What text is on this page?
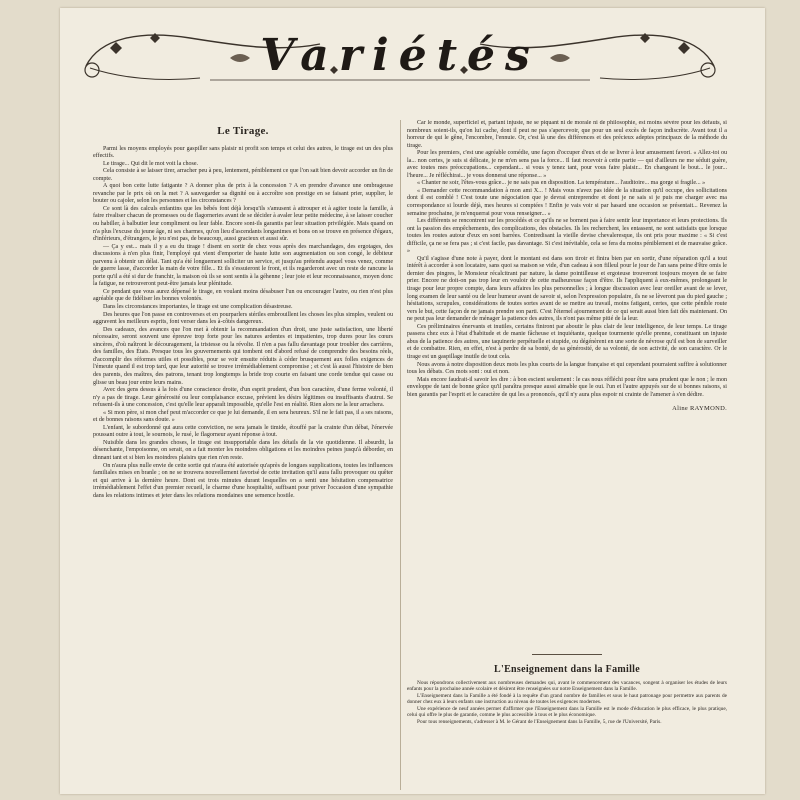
Variétés
Le Tirage.

Parmi les moyens employés pour gaspiller sans plaisir ni profit son temps et celui des autres, le tirage est un des plus effectifs.

Le tirage... Qui dit le mot voit la chose.

Cela consiste à se laisser tirer, arracher peu à peu, lentement, péniblement ce que l'on sait bien devoir accorder un fin de compte.

A quoi bon cette lutte fatigante ? A donner plus de prix à la concession ? A en prendre d'avance une ombrageuse revanche par le prix où on la met ? A sauvegarder sa dignité ou à accroître son prestige en se faisant prier, supplier, le bouter ou cajoler, selon les personnes et les circonstances ?

Ce sont là des calculs enfantins que les bébés font déjà lorsqu'ils s'amusent à attrouper et à agiter toute la famille, à faire rivaliser chacun de promesses ou de flagorneries avant de se décider à avaler leur petite médecine, à se laisser coucher ou habiller, à balbutier leur compliment ou leur fable. Encore sont-ils garantis par leur situation privilégiée. Mais quand on n'a plus l'excuse du jeune âge, ni ses charmes, qu'on lieu d'ascendants longanimes et bons on se trouve en présence d'égaux, d'inférieurs, d'étrangers, le jeu n'est pas, de beaucoup, aussi gracieux et aussi sûr.

— Ça y est... mais il y a eu du tirage ! disent en sortir de chez vous après des marchandages, des ergotages, des discussions à n'en plus finir, l'employé qui vient d'emporter de haute lutte son augmentation ou son congé, le débiteur parvenu à obtenir un délai. Tant qu'a été longuement solliciter un service, et jusqu'au prétendu auquel vous venez, comme de guerre lasse, d'accorder la main de votre fille... Et ils s'essuieront le front, et ils regarderont avec un reste de rancune la porte qu'il a été si dur de franchir, la maison où ils se sont sentis à la géhenne ; leur joie et leur reconnaissance, moyen donc la fatigue, ne retrouveront peut-être jamais leur plénitude.

Ce pendant que vous aurez dépensé le tirage, en voulant moins désabuser l'un ou encourager l'autre, ou rien n'est plus agréable que de fidéliser les bonnes volontés.

Dans les circonstances importantes, le tirage est une complication désastreuse.

Des heures que l'on passe en controverses et en pourparlers stériles embrouillent les choses les plus simples, veulent ou aggravent les meilleurs esprits, font verser dans les à-côtés dangereux.

Des cadeaux, des avances que l'on met à obtenir la recommandation d'un droit, une juste satisfaction, une liberté nécessaire, seront souvent une épreuve trop forte pour les natures ardentes et impatientes, trop dures pour les cœurs sincères, d'où naîtront le découragement, la tristesse ou la révolte. Il n'en a pas fallu davantage pour troubler des carrières, des familles, des États. Presque tous les gouvernements qui tombent ont d'abord refusé de comprendre des besoins réels, d'accomplir des réformes utiles et possibles, pour se voir ensuite réduits à céder brusquement aux folles exigences de l'émeute quand il est trop tard, que leur autorité se trouve irrémédiablement compromise ; et c'est là aussi l'histoire de bien des parents, des maîtres, des patrons, tenant trop longtemps la bride trop courte en faisant une corde tendue qui casse ou glisse un beau jour entre leurs mains.

Avec des gens dessus à la fois d'une conscience droite, d'un esprit prudent, d'un bon caractère, d'une ferme volonté, il n'y a pas de tirage. Leur générosité ou leur complaisance excuse, prévient les désirs légitimes ou insuffisants d'autrui. Se refusent-ils à une concession, c'est qu'elle leur apparaît impossible, qu'elle l'est en réalité. Rien alors ne la leur arrachera.

« Si mon père, si mon chef peut m'accorder ce que je lui demande, il en sera heureux. S'il ne le fait pas, il a ses raisons, et de bonnes raisons sans doute. »

L'enfant, le subordonné qui aura cette conviction, ne sera jamais le timide, étouffé par la crainte d'un débat, l'énervée poussant outre à tout, le sournois, le rusé, le flagorneur ayant réponse à tout.

Nuisible dans les grandes choses, le tirage est insupportable dans les détails de la vie quotidienne. Il absurdit, la désenchante, l'empoisonne, on serait, on a fait monter les moindres obligations et les moindres peines jusqu'à déborder, en dinnant tant et si bien les moindres plaisirs que rien n'en reste.

On n'aura plus nulle envie de cette sortie qui n'aura été autorisée qu'après de longues supplications, toutes les influences familiales mises en branle ; on ne se trouvera nouvellement favorisé de cette invitation qu'il aura fallu provoquer ou quêter et qui arrive à la dernière heure. Dont est trois minutes durant lesquelles on a senti une hésitation compensatrice irrémédiablement l'effet d'un premier recueil, le charme d'une hospitalité, suffisant pour priver l'occasion d'une sympathie dans les relations intimes et jeter dans les relations mondaines une semence hostile.

Car le monde, superficiel et, partant injuste, ne se piquant ni de morale ni de philosophie, est moins sévère pour les défauts, si nombreux soient-ils, qu'on lui cache, dont il peut ne pas s'apercevoir, que pour un seul excès de façon indiscrète. Avant tout il a horreur de qui le gêne, l'encombre, l'ennuie. Or, c'est là une des différences et des précieux adeptes principaux de la méthode du tirage.

Pour les premiers, c'est une agréable comédie, une façon d'occuper d'eux et de se livrer à leur amusement favori. « Allez-toi ou la... non certes, je suis si délicate, je ne m'en sens pas la force... Il faut recevoir à cette partie — qui d'ailleurs ne me séduit guère, avec toutes mes préoccupations... cependant... si vous y tenez tant, pour vous faire plaisir... En changeant le bout... le jour... l'heure... Je réfléchirai... je vous donnerai une réponse... »

« Chanter ne soir, l'êtes-vous grâce... je ne sais pas en disposition. La température... l'auditoire... ma gorge si fragile... »

« Demander cette recommandation à mon ami X... ! Mais vous n'avez pas idée de la situation qu'il occupe, des sollicitations dont il est comblé ! C'est toute une négociation que je devrai entreprendre et dont je ne sais si je puis me charger avec ma correspondance si lourde déjà, mes heures si comptées ! Enfin je vais voir si par hasard une occasion se présentait... Revenez la semaine prochaine, je m'enquerrai pour vous renseigner... »

Les différents se rencontrent sur les procédés et ce qu'ils ne se bornent pas à faire sentir leur importance et leurs protections. Ils ont la passion des empêchements, des complications, des obstacles. Ils les recherchent, les entassent, ne sont satisfaits que lorsque toutes les routes autour d'eux en sont barrées. Contredisant la vieille devise chevaleresque, ils ont pris pour maxime : « Si c'est difficile, ça ne se fera pas ; si c'est facile, pas davantage. Si c'est inévitable, cela se fera du moins péniblement et de mauvaise grâce. »

Qu'il s'agisse d'une note à payer, dont le montant est dans son tiroir et finira bien par en sortir, d'une réparation qu'il a tout intérêt à accorder à son locataire, sans quoi sa maison se vide, d'un cadeau à son filleul pour le jour de l'an sans peine d'être omis le dernier des pingres, le Monsieur récalcitrant par nature, la dame pointilleuse et ergoteuse trouveront toujours moyen de se faire prier. Encore ne doit-on pas trop leur en vouloir de cette malheureuse façon d'être. Ils l'appliquent à eux-mêmes, prolongeant le tirage pour leur propre compte, dans leurs affaires les plus personnelles ; à longue discussion avec leur oreiller avant de se lever, long examen de leur santé ou de leur humeur avant de savoir si, selon l'expression populaire, ils ne se lèveront pas du pied gauche ; hésitations, scrupules, considérations de toutes sortes avant de se mettre au travail, moins fatigant, certes, que cette pénible route vers le but, cette façon de ne jamais prendre son parti. C'est l'éternel ajournement de ce qui serait aussi bien fait dès maintenant. On ne peut pas leur demander de ménager la patience des autres, ils n'ont pas même pitié de la leur.

Ces préliminaires énervants et inutiles, certains finiront par aboutir le plus clair de leur intelligence, de leur temps. Le tirage passera chez eux à l'état d'habitude et de manie fâcheuse et inquiétante, quelque tourmente qu'elle prenne, constituant un injuste abus de la patience des autres, une taquinerie perpétuelle et stupide, ou dégénèrent en une sorte de névrose qu'il est bon de surveiller et de combattre. Rien, en effet, n'est à perdre de sa bonté, de sa générosité, de sa volonté, de son activité, de son caractère. Or le tirage est un gaspillage inutile de tout cela.

Nous avons à notre disposition deux mots les plus courts de la langue française et qui cependant pourraient suffire à solutionner tous les débats. Ces mots sont : oui et non.

Mais encore faudrait-il savoir les dire : à bon escient seulement : le cas nous réfléchi pour être sans prudent que le non ; le mon enveloppe de tant de bonne grâce qu'il paraîtra presque aussi aimable que le oui. l'un et l'autre appuyés sur de si bonnes raisons, si bien garantis par l'esprit et le caractère de qui les a prononcés, qu'il n'y aura plus espoir ni crainte de l'amener à s'en dédire.

Aline RAYMOND.
L'Enseignement dans la Famille

Nous répondrons collectivement aux nombreuses demandes qui, avant le commencement des vacances, songent à organiser les études de leurs enfants pour la prochaine année scolaire et désirent être renseignées sur notre Enseignement dans la Famille.

L'Enseignement dans la Famille a été fondé à la requête d'un grand nombre de familles et sous le haut patronage pour permettre aux parents de donner chez eux à leurs enfants une instruction au niveau de toutes les exigences modernes.

Une expérience de neuf années permet d'affirmer que l'Enseignement dans la Famille est le mode d'éducation le plus efficace, le plus pratique, celui qui offre le plus de garantie, comme le plus accessible à tous et le plus économique.

Pour tous renseignements, s'adresser à M. le Gérant de l'Enseignement dans la Famille, 5, rue de l'Université, Paris.
